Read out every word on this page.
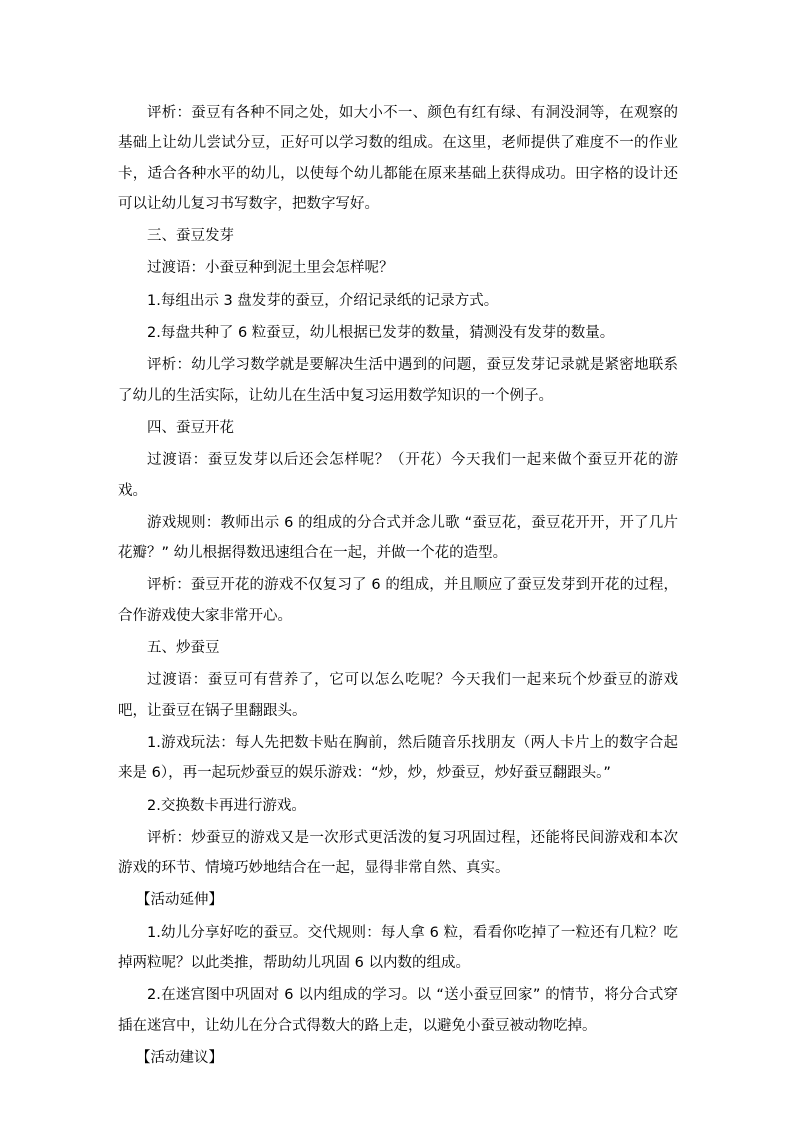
评析：蚕豆有各种不同之处，如大小不一、颜色有红有绿、有洞没洞等，在观察的基础上让幼儿尝试分豆，正好可以学习数的组成。在这里，老师提供了难度不一的作业卡，适合各种水平的幼儿，以使每个幼儿都能在原来基础上获得成功。田字格的设计还可以让幼儿复习书写数字，把数字写好。

三、蚕豆发芽

过渡语：小蚕豆种到泥土里会怎样呢？

1.每组出示 3 盘发芽的蚕豆，介绍记录纸的记录方式。

2.每盘共种了 6 粒蚕豆，幼儿根据已发芽的数量，猜测没有发芽的数量。

评析：幼儿学习数学就是要解决生活中遇到的问题，蚕豆发芽记录就是紧密地联系了幼儿的生活实际，让幼儿在生活中复习运用数学知识的一个例子。

四、蚕豆开花

过渡语：蚕豆发芽以后还会怎样呢？（开花）今天我们一起来做个蚕豆开花的游戏。

游戏规则：教师出示 6 的组成的分合式并念儿歌 “蚕豆花，蚕豆花开开，开了几片花瓣？” 幼儿根据得数迅速组合在一起，并做一个花的造型。

评析：蚕豆开花的游戏不仅复习了 6 的组成，并且顺应了蚕豆发芽到开花的过程，合作游戏使大家非常开心。

五、炒蚕豆

过渡语：蚕豆可有营养了，它可以怎么吃呢？今天我们一起来玩个炒蚕豆的游戏吧，让蚕豆在锅子里翻跟头。

1.游戏玩法：每人先把数卡贴在胸前，然后随音乐找朋友（两人卡片上的数字合起来是 6），再一起玩炒蚕豆的娱乐游戏：“炒，炒，炒蚕豆，炒好蚕豆翻跟头。”

2.交换数卡再进行游戏。

评析：炒蚕豆的游戏又是一次形式更活泼的复习巩固过程，还能将民间游戏和本次游戏的环节、情境巧妙地结合在一起，显得非常自然、真实。

【活动延伸】

1.幼儿分享好吃的蚕豆。交代规则：每人拿 6 粒，看看你吃掉了一粒还有几粒？吃掉两粒呢？以此类推，帮助幼儿巩固 6 以内数的组成。

2.在迷宫图中巩固对 6 以内组成的学习。以 “送小蚕豆回家” 的情节，将分合式穿插在迷宫中，让幼儿在分合式得数大的路上走，以避免小蚕豆被动物吃掉。

【活动建议】
